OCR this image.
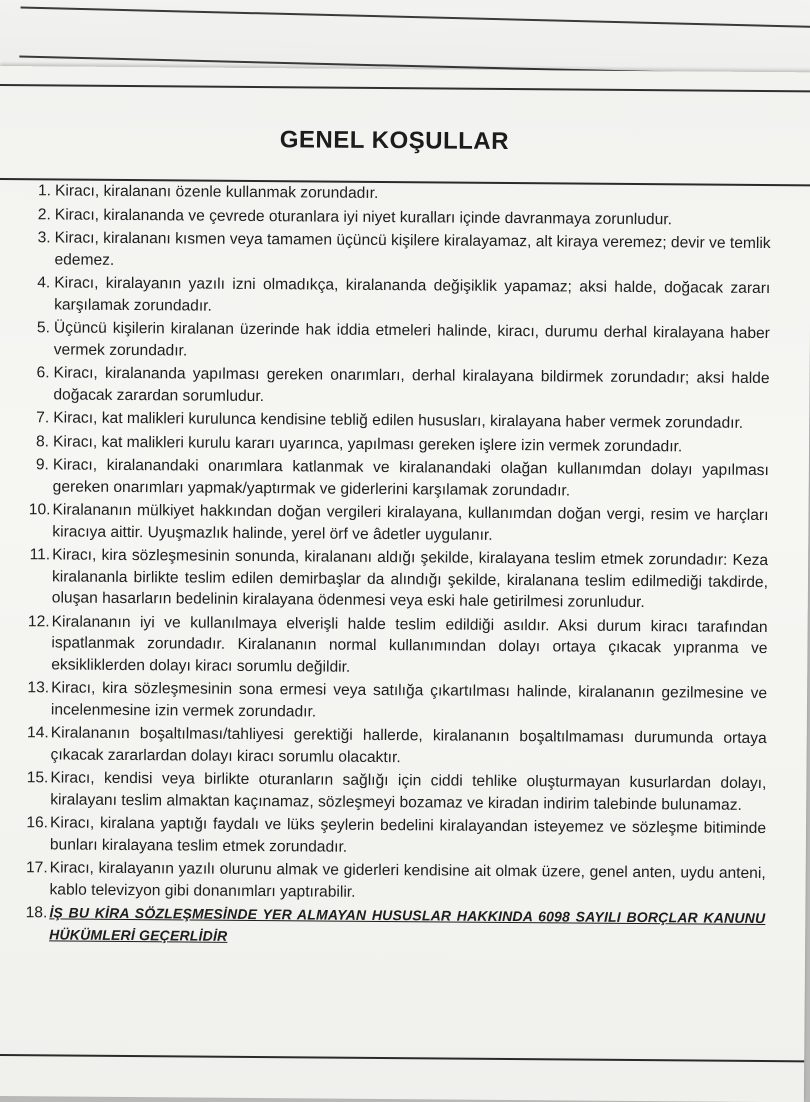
GENEL KOŞULLAR
1. Kiracı, kiralananı özenle kullanmak zorundadır.
2. Kiracı, kiralananda ve çevrede oturanlara iyi niyet kuralları içinde davranmaya zorunludur.
3. Kiracı, kiralananı kısmen veya tamamen üçüncü kişilere kiralayamaz, alt kiraya veremez; devir ve temlik edemez.
4. Kiracı, kiralayanın yazılı izni olmadıkça, kiralananda değişiklik yapamaz; aksi halde, doğacak zararı karşılamak zorundadır.
5. Üçüncü kişilerin kiralanan üzerinde hak iddia etmeleri halinde, kiracı, durumu derhal kiralayana haber vermek zorundadır.
6. Kiracı, kiralananda yapılması gereken onarımları, derhal kiralayana bildirmek zorundadır; aksi halde doğacak zarardan sorumludur.
7. Kiracı, kat malikleri kurulunca kendisine tebliğ edilen hususları, kiralayana haber vermek zorundadır.
8. Kiracı, kat malikleri kurulu kararı uyarınca, yapılması gereken işlere izin vermek zorundadır.
9. Kiracı, kiralanandaki onarımlara katlanmak ve kiralanandaki olağan kullanımdan dolayı yapılması gereken onarımları yapmak/yaptırmak ve giderlerini karşılamak zorundadır.
10. Kiralananın mülkiyet hakkından doğan vergileri kiralayana, kullanımdan doğan vergi, resim ve harçları kiracıya aittir. Uyuşmazlık halinde, yerel örf ve âdetler uygulanır.
11. Kiracı, kira sözleşmesinin sonunda, kiralananı aldığı şekilde, kiralayana teslim etmek zorundadır: Keza kiralananla birlikte teslim edilen demirbaşlar da alındığı şekilde, kiralanana teslim edilmediği takdirde, oluşan hasarların bedelinin kiralayana ödenmesi veya eski hale getirilmesi zorunludur.
12. Kiralananın iyi ve kullanılmaya elverişli halde teslim edildiği asıldır. Aksi durum kiracı tarafından ispatlanmak zorundadır. Kiralananın normal kullanımından dolayı ortaya çıkacak yıpranma ve eksikliklerden dolayı kiracı sorumlu değildir.
13. Kiracı, kira sözleşmesinin sona ermesi veya satılığa çıkartılması halinde, kiralananın gezilmesine ve incelenmesine izin vermek zorundadır.
14. Kiralananın boşaltılması/tahliyesi gerektiği hallerde, kiralananın boşaltılmaması durumunda ortaya çıkacak zararlardan dolayı kiracı sorumlu olacaktır.
15. Kiracı, kendisi veya birlikte oturanların sağlığı için ciddi tehlike oluşturmayan kusurlardan dolayı, kiralayanı teslim almaktan kaçınamaz, sözleşmeyi bozamaz ve kiradan indirim talebinde bulunamaz.
16. Kiracı, kiralana yaptığı faydalı ve lüks şeylerin bedelini kiralayandan isteyemez ve sözleşme bitiminde bunları kiralayana teslim etmek zorundadır.
17. Kiracı, kiralayanın yazılı olurunu almak ve giderleri kendisine ait olmak üzere, genel anten, uydu anteni, kablo televizyon gibi donanımları yaptırabilir.
18. İŞ BU KİRA SÖZLEŞMESİNDE YER ALMAYAN HUSUSLAR HAKKINDA 6098 SAYILI BORÇLAR KANUNU HÜKÜMLERİ GEÇERLİDİR
